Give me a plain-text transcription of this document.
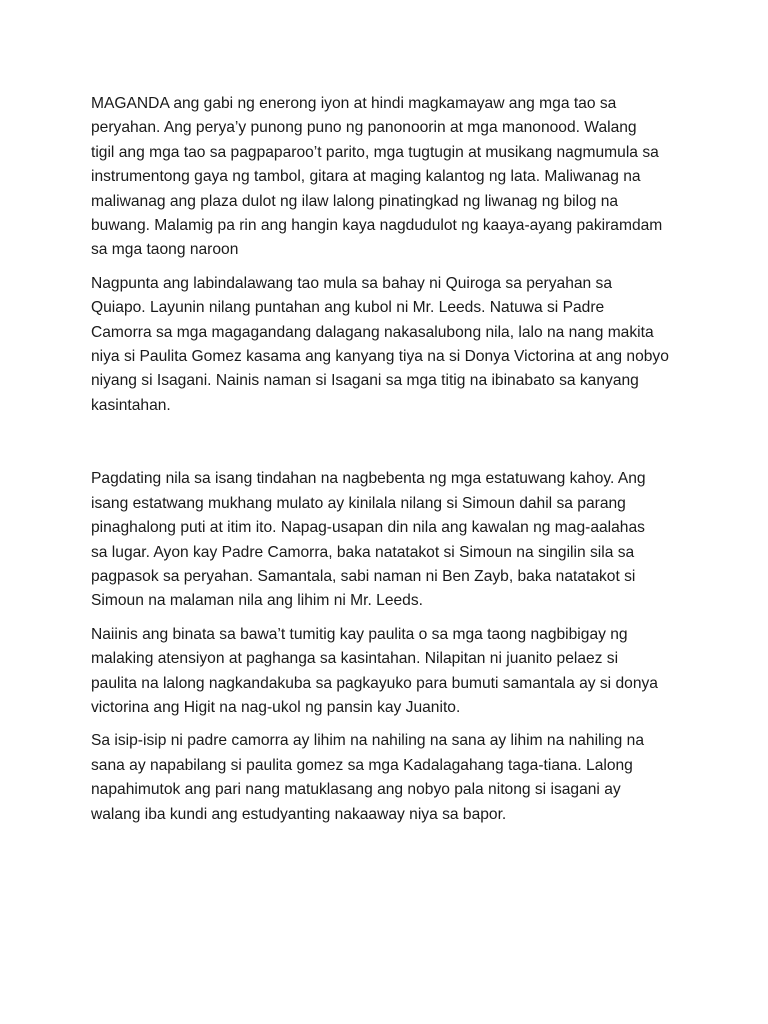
MAGANDA ang gabi ng enerong iyon at hindi magkamayaw ang mga tao sa
peryahan. Ang perya’y punong puno ng panonoorin at mga manonood. Walang
tigil ang mga tao sa pagpaparoo’t parito, mga tugtugin at musikang nagmumula sa
instrumentong gaya ng tambol, gitara at maging kalantog ng lata. Maliwanag na
maliwanag ang plaza dulot ng ilaw lalong pinatingkad ng liwanag ng bilog na
buwang. Malamig pa rin ang hangin kaya nagdudulot ng kaaya-ayang pakiramdam
sa mga taong naroon

Nagpunta ang labindalawang tao mula sa bahay ni Quiroga sa peryahan sa
Quiapo. Layunin nilang puntahan ang kubol ni Mr. Leeds. Natuwa si Padre
Camorra sa mga magagandang dalagang nakasalubong nila, lalo na nang makita
niya si Paulita Gomez kasama ang kanyang tiya na si Donya Victorina at ang nobyo
niyang si Isagani. Nainis naman si Isagani sa mga titig na ibinabato sa kanyang
kasintahan.

Pagdating nila sa isang tindahan na nagbebenta ng mga estatuwang kahoy. Ang
isang estatwang mukhang mulato ay kinilala nilang si Simoun dahil sa parang
pinaghalong puti at itim ito. Napag-usapan din nila ang kawalan ng mag-aalahas
sa lugar. Ayon kay Padre Camorra, baka natatakot si Simoun na singilin sila sa
pagpasok sa peryahan. Samantala, sabi naman ni Ben Zayb, baka natatakot si
Simoun na malaman nila ang lihim ni Mr. Leeds.

Naiinis ang binata sa bawa’t tumitig kay paulita o sa mga taong nagbibigay ng
malaking atensiyon at paghanga sa kasintahan. Nilapitan ni juanito pelaez si
paulita na lalong nagkandakuba sa pagkayuko para bumuti samantala ay si donya
victorina ang Higit na nag-ukol ng pansin kay Juanito.

Sa isip-isip ni padre camorra ay lihim na nahiling na sana ay lihim na nahiling na
sana ay napabilang si paulita gomez sa mga Kadalagahang taga-tiana. Lalong
napahimutok ang pari nang matuklasang ang nobyo pala nitong si isagani ay
walang iba kundi ang estudyanting nakaaway niya sa bapor.
